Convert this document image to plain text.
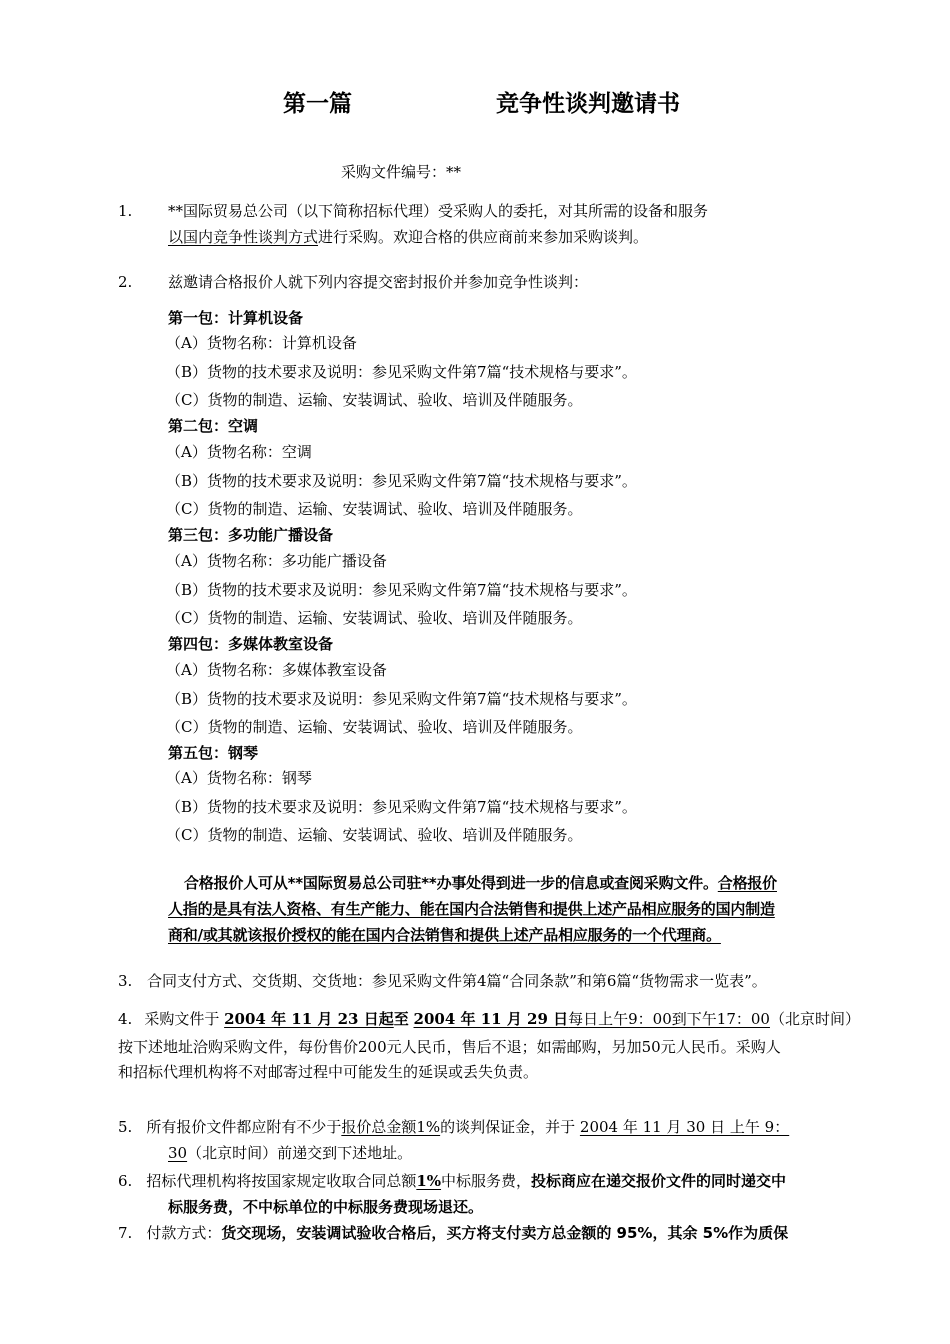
第一篇	竞争性谈判邀请书
采购文件编号：**
1. **国际贸易总公司（以下简称招标代理）受采购人的委托，对其所需的设备和服务
以国内竞争性谈判方式进行采购。欢迎合格的供应商前来参加采购谈判。
2. 兹邀请合格报价人就下列内容提交密封报价并参加竞争性谈判：
第一包：计算机设备
（A）货物名称：计算机设备
（B）货物的技术要求及说明：参见采购文件第7篇“技术规格与要求”。
（C）货物的制造、运输、安装调试、验收、培训及伴随服务。
第二包：空调
（A）货物名称：空调
（B）货物的技术要求及说明：参见采购文件第7篇“技术规格与要求”。
（C）货物的制造、运输、安装调试、验收、培训及伴随服务。
第三包：多功能广播设备
（A）货物名称：多功能广播设备
（B）货物的技术要求及说明：参见采购文件第7篇“技术规格与要求”。
（C）货物的制造、运输、安装调试、验收、培训及伴随服务。
第四包：多媒体教室设备
（A）货物名称：多媒体教室设备
（B）货物的技术要求及说明：参见采购文件第7篇“技术规格与要求”。
（C）货物的制造、运输、安装调试、验收、培训及伴随服务。
第五包：钢琴
（A）货物名称：钢琴
（B）货物的技术要求及说明：参见采购文件第7篇“技术规格与要求”。
（C）货物的制造、运输、安装调试、验收、培训及伴随服务。
合格报价人可从**国际贸易总公司驻**办事处得到进一步的信息或查阅采购文件。合格报价
人指的是具有法人资格、有生产能力、能在国内合法销售和提供上述产品相应服务的国内制造
商和/或其就该报价授权的能在国内合法销售和提供上述产品相应服务的一个代理商。
3. 合同支付方式、交货期、交货地：参见采购文件第4篇“合同条款”和第6篇“货物需求一览表”。
4. 采购文件于 2004 年 11 月 23 日起至 2004 年 11 月 29 日每日上午9：00到下午17：00（北京时间）
按下述地址洽购采购文件，每份售价200元人民币，售后不退；如需邮购，另加50元人民币。采购人
和招标代理机构将不对邮寄过程中可能发生的延误或丢失负责。
5. 所有报价文件都应附有不少于报价总金额1%的谈判保证金，并于 2004 年 11 月 30 日 上午 9：
30（北京时间）前递交到下述地址。
6. 招标代理机构将按国家规定收取合同总额1%中标服务费，投标商应在递交报价文件的同时递交中
标服务费，不中标单位的中标服务费现场退还。
7. 付款方式：货交现场，安装调试验收合格后，买方将支付卖方总金额的 95%，其余 5%作为质保
